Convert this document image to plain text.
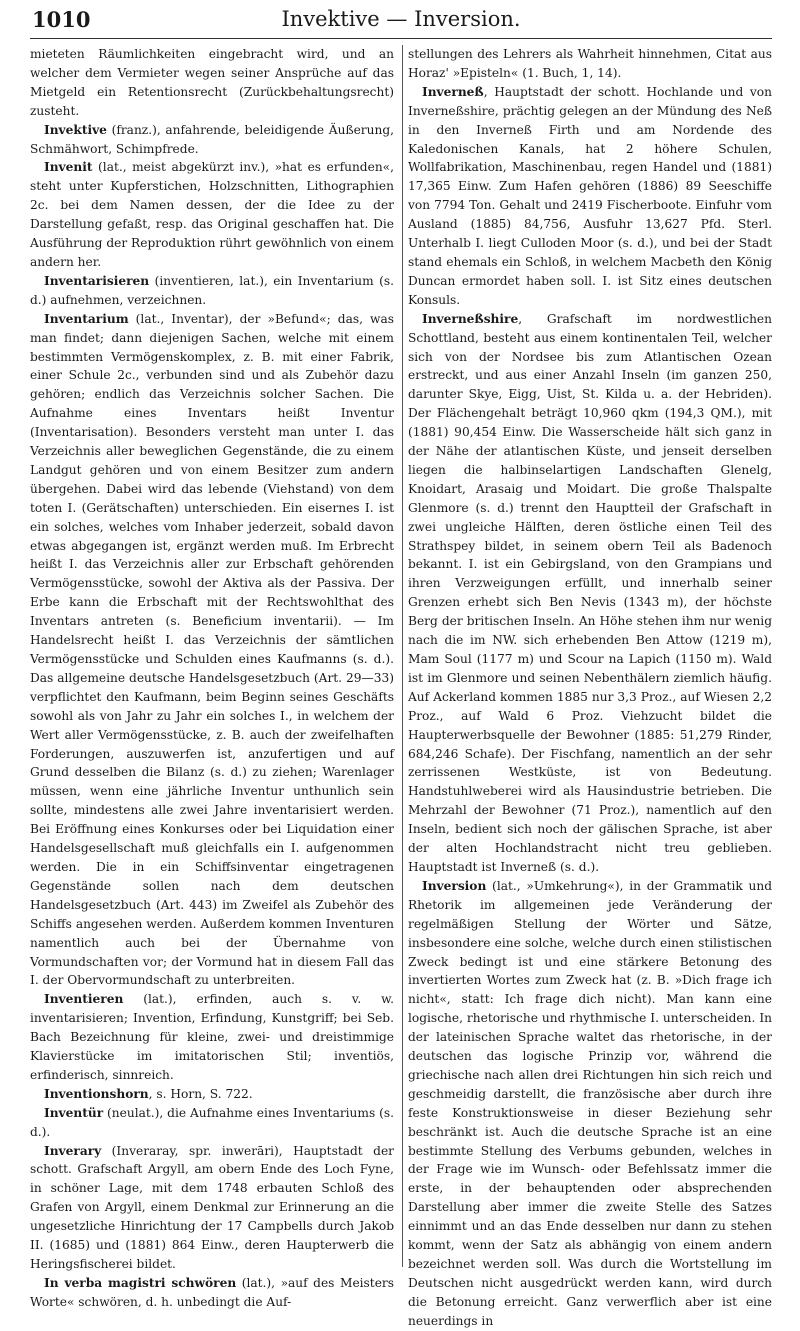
1010	Invektive — Inversion.

mieteten Räumlichkeiten eingebracht wird, und an welcher dem Vermieter wegen seiner Ansprüche auf das Mietgeld ein Retentionsrecht (Zurückbehaltungsrecht) zusteht.

Invektive (franz.), anfahrende, beleidigende Äußerung, Schmähwort, Schimpfrede.

Invenit (lat., meist abgekürzt inv.), »hat es erfunden«, steht unter Kupferstichen, Holzschnitten, Lithographien 2c. bei dem Namen dessen, der die Idee zu der Darstellung gefaßt, resp. das Original geschaffen hat. Die Ausführung der Reproduktion rührt gewöhnlich von einem andern her.

Inventarisieren (inventieren, lat.), ein Inventarium (s. d.) aufnehmen, verzeichnen.

Inventarium (lat., Inventar), der »Befund«; das, was man findet; dann diejenigen Sachen, welche mit einem bestimmten Vermögenskomplex, z. B. mit einer Fabrik, einer Schule 2c., verbunden sind und als Zubehör dazu gehören; endlich das Verzeichnis solcher Sachen. Die Aufnahme eines Inventars heißt Inventur (Inventarisation). Besonders versteht man unter I. das Verzeichnis aller beweglichen Gegenstände, die zu einem Landgut gehören und von einem Besitzer zum andern übergehen. Dabei wird das lebende (Viehstand) von dem toten I. (Gerätschaften) unterschieden. Ein eisernes I. ist ein solches, welches vom Inhaber jederzeit, sobald davon etwas abgegangen ist, ergänzt werden muß. Im Erbrecht heißt I. das Verzeichnis aller zur Erbschaft gehörenden Vermögensstücke, sowohl der Aktiva als der Passiva. Der Erbe kann die Erbschaft mit der Rechtswohlthat des Inventars antreten (s. Beneficium inventarii). — Im Handelsrecht heißt I. das Verzeichnis der sämtlichen Vermögensstücke und Schulden eines Kaufmanns (s. d.). Das allgemeine deutsche Handelsgesetzbuch (Art. 29—33) verpflichtet den Kaufmann, beim Beginn seines Geschäfts sowohl als von Jahr zu Jahr ein solches I., in welchem der Wert aller Vermögensstücke, z. B. auch der zweifelhaften Forderungen, auszuwerfen ist, anzufertigen und auf Grund desselben die Bilanz (s. d.) zu ziehen; Warenlager müssen, wenn eine jährliche Inventur unthunlich sein sollte, mindestens alle zwei Jahre inventarisiert werden. Bei Eröffnung eines Konkurses oder bei Liquidation einer Handelsgesellschaft muß gleichfalls ein I. aufgenommen werden. Die in ein Schiffsinventar eingetragenen Gegenstände sollen nach dem deutschen Handelsgesetzbuch (Art. 443) im Zweifel als Zubehör des Schiffs angesehen werden. Außerdem kommen Inventuren namentlich auch bei der Übernahme von Vormundschaften vor; der Vormund hat in diesem Fall das I. der Obervormundschaft zu unterbreiten.

Inventieren (lat.), erfinden, auch s. v. w. inventarisieren; Invention, Erfindung, Kunstgriff; bei Seb. Bach Bezeichnung für kleine, zwei- und dreistimmige Klavierstücke im imitatorischen Stil; inventiös, erfinderisch, sinnreich.

Inventionshorn, s. Horn, S. 722.

Inventür (neulat.), die Aufnahme eines Inventariums (s. d.).

Inverary (Inveraray, spr. inwerāri), Hauptstadt der schott. Grafschaft Argyll, am obern Ende des Loch Fyne, in schöner Lage, mit dem 1748 erbauten Schloß des Grafen von Argyll, einem Denkmal zur Erinnerung an die ungesetzliche Hinrichtung der 17 Campbells durch Jakob II. (1685) und (1881) 864 Einw., deren Haupterwerb die Heringsfischerei bildet.

In verba magistri schwören (lat.), »auf des Meisters Worte« schwören, d. h. unbedingt die Auf-

stellungen des Lehrers als Wahrheit hinnehmen, Citat aus Horaz' »Episteln« (1. Buch, 1, 14).

Inverneß, Hauptstadt der schott. Hochlande und von Inverneßshire, prächtig gelegen an der Mündung des Neß in den Inverneß Firth und am Nordende des Kaledonischen Kanals, hat 2 höhere Schulen, Wollfabrikation, Maschinenbau, regen Handel und (1881) 17,365 Einw. Zum Hafen gehören (1886) 89 Seeschiffe von 7794 Ton. Gehalt und 2419 Fischerboote. Einfuhr vom Ausland (1885) 84,756, Ausfuhr 13,627 Pfd. Sterl. Unterhalb I. liegt Culloden Moor (s. d.), und bei der Stadt stand ehemals ein Schloß, in welchem Macbeth den König Duncan ermordet haben soll. I. ist Sitz eines deutschen Konsuls.

Inverneßshire, Grafschaft im nordwestlichen Schottland, besteht aus einem kontinentalen Teil, welcher sich von der Nordsee bis zum Atlantischen Ozean erstreckt, und aus einer Anzahl Inseln (im ganzen 250, darunter Skye, Eigg, Uist, St. Kilda u. a. der Hebriden). Der Flächengehalt beträgt 10,960 qkm (194,3 QM.), mit (1881) 90,454 Einw. Die Wasserscheide hält sich ganz in der Nähe der atlantischen Küste, und jenseit derselben liegen die halbinselartigen Landschaften Glenelg, Knoidart, Arasaig und Moidart. Die große Thalspalte Glenmore (s. d.) trennt den Hauptteil der Grafschaft in zwei ungleiche Hälften, deren östliche einen Teil des Strathspey bildet, in seinem obern Teil als Badenoch bekannt. I. ist ein Gebirgsland, von den Grampians und ihren Verzweigungen erfüllt, und innerhalb seiner Grenzen erhebt sich Ben Nevis (1343 m), der höchste Berg der britischen Inseln. An Höhe stehen ihm nur wenig nach die im NW. sich erhebenden Ben Attow (1219 m), Mam Soul (1177 m) und Scour na Lapich (1150 m). Wald ist im Glenmore und seinen Nebenthälern ziemlich häufig. Auf Ackerland kommen 1885 nur 3,3 Proz., auf Wiesen 2,2 Proz., auf Wald 6 Proz. Viehzucht bildet die Haupterwerbsquelle der Bewohner (1885: 51,279 Rinder, 684,246 Schafe). Der Fischfang, namentlich an der sehr zerrissenen Westküste, ist von Bedeutung. Handstuhlweberei wird als Hausindustrie betrieben. Die Mehrzahl der Bewohner (71 Proz.), namentlich auf den Inseln, bedient sich noch der gälischen Sprache, ist aber der alten Hochlandstracht nicht treu geblieben. Hauptstadt ist Inverneß (s. d.).

Inversion (lat., »Umkehrung«), in der Grammatik und Rhetorik im allgemeinen jede Veränderung der regelmäßigen Stellung der Wörter und Sätze, insbesondere eine solche, welche durch einen stilistischen Zweck bedingt ist und eine stärkere Betonung des invertierten Wortes zum Zweck hat (z. B. »Dich frage ich nicht«, statt: Ich frage dich nicht). Man kann eine logische, rhetorische und rhythmische I. unterscheiden. In der lateinischen Sprache waltet das rhetorische, in der deutschen das logische Prinzip vor, während die griechische nach allen drei Richtungen hin sich reich und geschmeidig darstellt, die französische aber durch ihre feste Konstruktionsweise in dieser Beziehung sehr beschränkt ist. Auch die deutsche Sprache ist an eine bestimmte Stellung des Verbums gebunden, welches in der Frage wie im Wunsch- oder Befehlssatz immer die erste, in der behauptenden oder absprechenden Darstellung aber immer die zweite Stelle des Satzes einnimmt und an das Ende desselben nur dann zu stehen kommt, wenn der Satz als abhängig von einem andern bezeichnet werden soll. Was durch die Wortstellung im Deutschen nicht ausgedrückt werden kann, wird durch die Betonung erreicht. Ganz verwerflich aber ist eine neuerdings in
